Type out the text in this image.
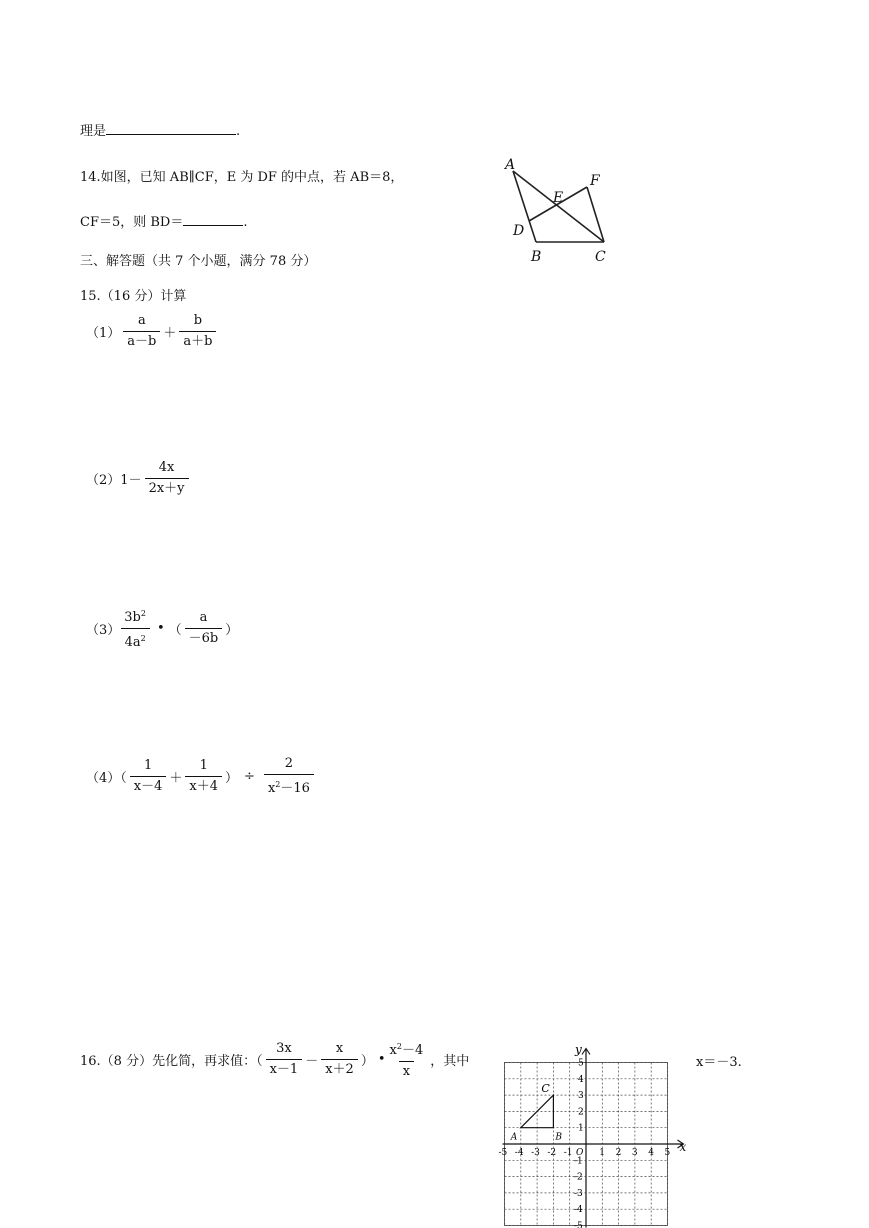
理是	.
14.如图，已知 AB∥CF，E 为 DF 的中点，若 AB＝8，
CF＝5，则 BD＝	.
A
F
E
D
B	C
三、解答题（共 7 个小题，满分 78 分）
15.（16 分）计算
$(1) \frac{a}{a-b} + \frac{b}{a+b}$
$(2)1- \frac{4x}{2x+y}$
$(3) \frac{3b^2}{4a^2}$ • （ $\frac{a}{-6b}$ ）
$(4)( \frac{1}{x-4} + \frac{1}{x+4}$ ） ÷ $\frac{2}{x^2-16}$
16.（8 分）先化简，再求值：（ $\frac{3x}{x-1} - \frac{x}{x+2}$ ） • $\frac{x^2-4}{x}$ ，其中	x＝－3.
x
y
O
-5 -4 -3 -2 -1	1 2 3 4 5
5
4
3
2
1
-1
-2
-3
-4
-5
A	B
C
